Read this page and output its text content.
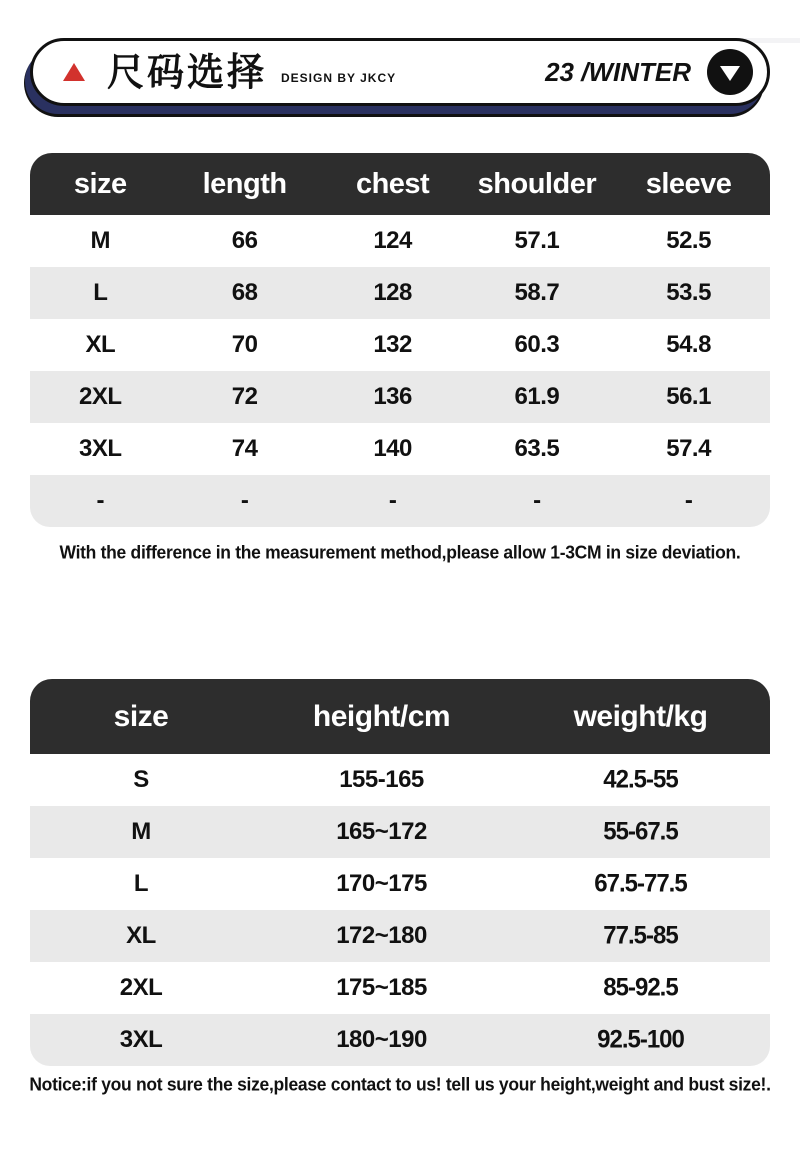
尺码选择 DESIGN BY JKCY	23 /WINTER
size	length	chest	shoulder	sleeve
M	66	124	57.1	52.5
L	68	128	58.7	53.5
XL	70	132	60.3	54.8
2XL	72	136	61.9	56.1
3XL	74	140	63.5	57.4
-	-	-	-	-
With the difference in the measurement method,please allow 1-3CM in size deviation.
size	height/cm	weight/kg
S	155-165	42.5-55
M	165~172	55-67.5
L	170~175	67.5-77.5
XL	172~180	77.5-85
2XL	175~185	85-92.5
3XL	180~190	92.5-100
Notice:if you not sure the size,please contact to us! tell us your height,weight and bust size!.
